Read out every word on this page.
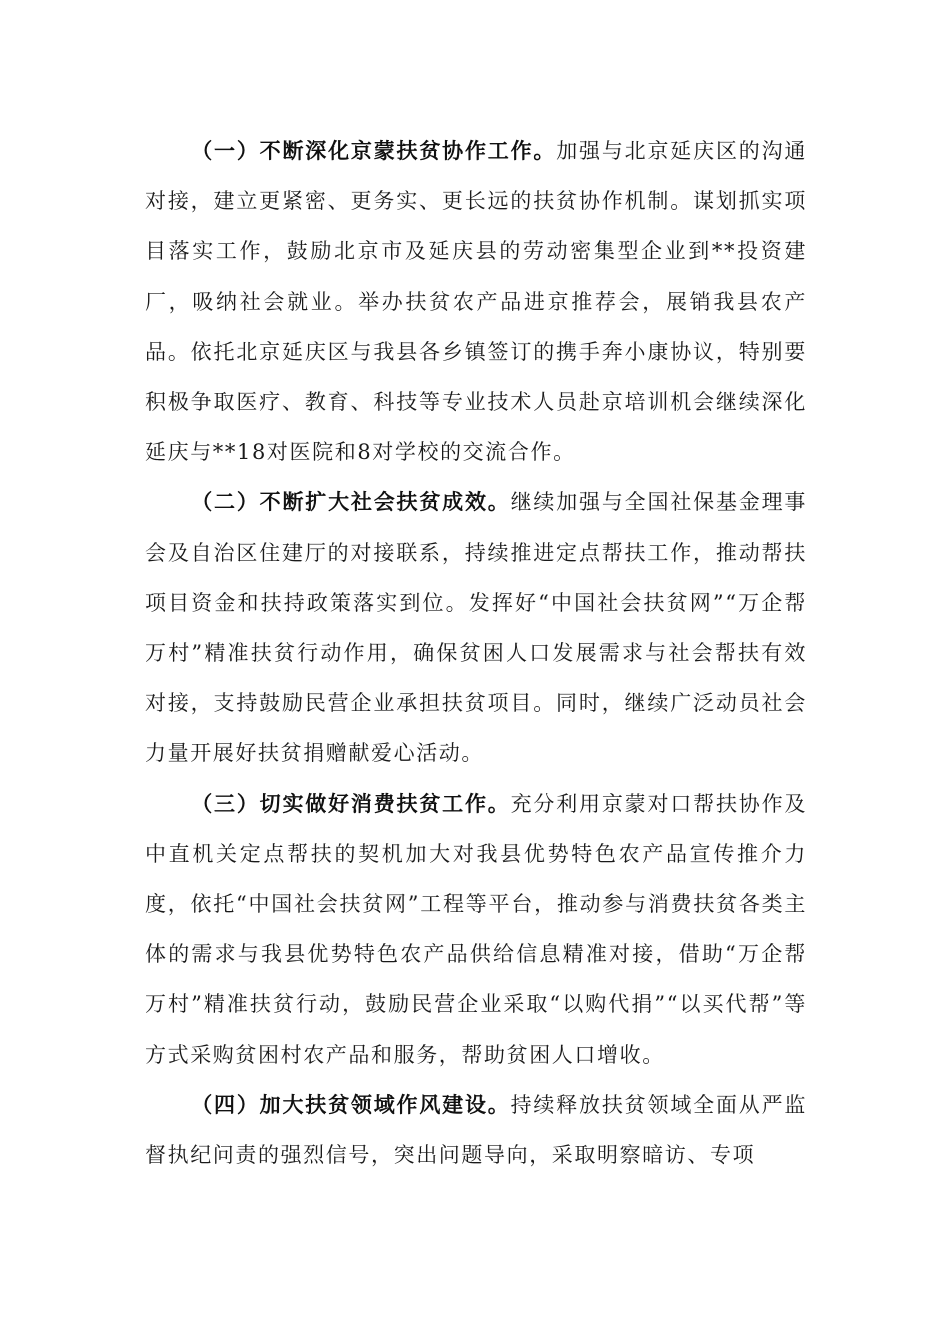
（一）不断深化京蒙扶贫协作工作。加强与北京延庆区的沟通对接，建立更紧密、更务实、更长远的扶贫协作机制。谋划抓实项目落实工作，鼓励北京市及延庆县的劳动密集型企业到**投资建厂，吸纳社会就业。举办扶贫农产品进京推荐会，展销我县农产品。依托北京延庆区与我县各乡镇签订的携手奔小康协议，特别要积极争取医疗、教育、科技等专业技术人员赴京培训机会继续深化延庆与**18对医院和8对学校的交流合作。

（二）不断扩大社会扶贫成效。继续加强与全国社保基金理事会及自治区住建厅的对接联系，持续推进定点帮扶工作，推动帮扶项目资金和扶持政策落实到位。发挥好“中国社会扶贫网”“万企帮万村”精准扶贫行动作用，确保贫困人口发展需求与社会帮扶有效对接，支持鼓励民营企业承担扶贫项目。同时，继续广泛动员社会力量开展好扶贫捐赠献爱心活动。

（三）切实做好消费扶贫工作。充分利用京蒙对口帮扶协作及中直机关定点帮扶的契机加大对我县优势特色农产品宣传推介力度，依托“中国社会扶贫网”工程等平台，推动参与消费扶贫各类主体的需求与我县优势特色农产品供给信息精准对接，借助“万企帮万村”精准扶贫行动，鼓励民营企业采取“以购代捐”“以买代帮”等方式采购贫困村农产品和服务，帮助贫困人口增收。

（四）加大扶贫领域作风建设。持续释放扶贫领域全面从严监督执纪问责的强烈信号，突出问题导向，采取明察暗访、专项
